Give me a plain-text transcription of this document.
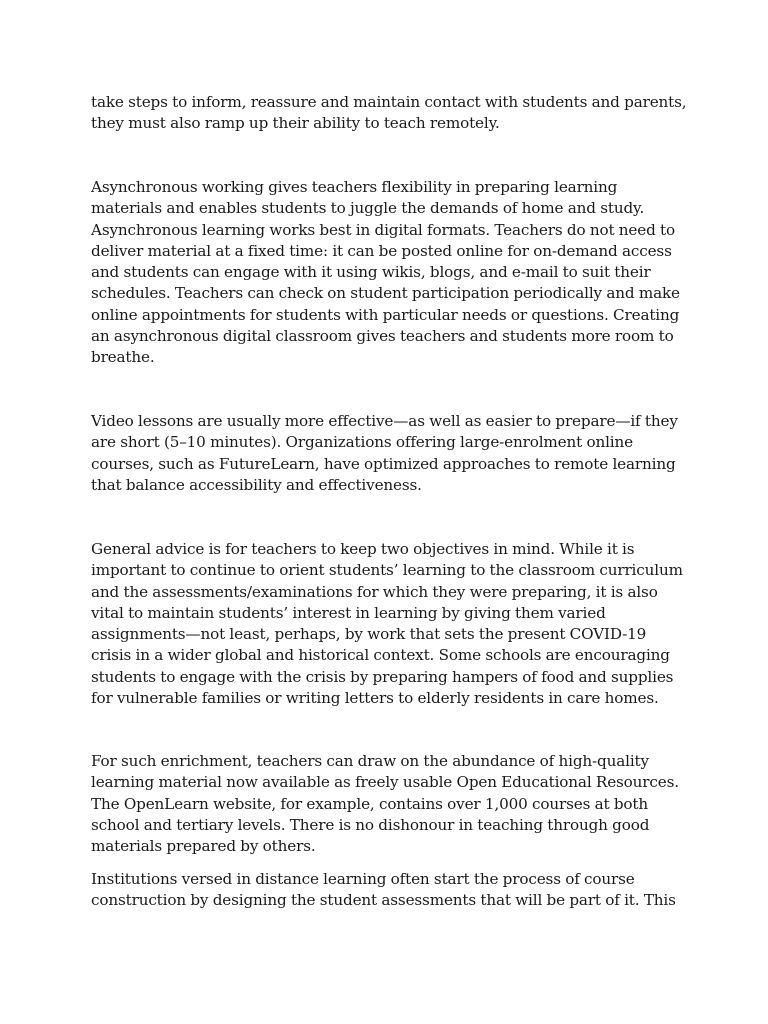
take steps to inform, reassure and maintain contact with students and parents,
they must also ramp up their ability to teach remotely.

Asynchronous working gives teachers flexibility in preparing learning
materials and enables students to juggle the demands of home and study.
Asynchronous learning works best in digital formats. Teachers do not need to
deliver material at a fixed time: it can be posted online for on-demand access
and students can engage with it using wikis, blogs, and e-mail to suit their
schedules. Teachers can check on student participation periodically and make
online appointments for students with particular needs or questions. Creating
an asynchronous digital classroom gives teachers and students more room to
breathe.

Video lessons are usually more effective—as well as easier to prepare—if they
are short (5–10 minutes). Organizations offering large-enrolment online
courses, such as FutureLearn, have optimized approaches to remote learning
that balance accessibility and effectiveness.

General advice is for teachers to keep two objectives in mind. While it is
important to continue to orient students’ learning to the classroom curriculum
and the assessments/examinations for which they were preparing, it is also
vital to maintain students’ interest in learning by giving them varied
assignments—not least, perhaps, by work that sets the present COVID-19
crisis in a wider global and historical context. Some schools are encouraging
students to engage with the crisis by preparing hampers of food and supplies
for vulnerable families or writing letters to elderly residents in care homes.

For such enrichment, teachers can draw on the abundance of high-quality
learning material now available as freely usable Open Educational Resources.
The OpenLearn website, for example, contains over 1,000 courses at both
school and tertiary levels. There is no dishonour in teaching through good
materials prepared by others.

Institutions versed in distance learning often start the process of course
construction by designing the student assessments that will be part of it. This
